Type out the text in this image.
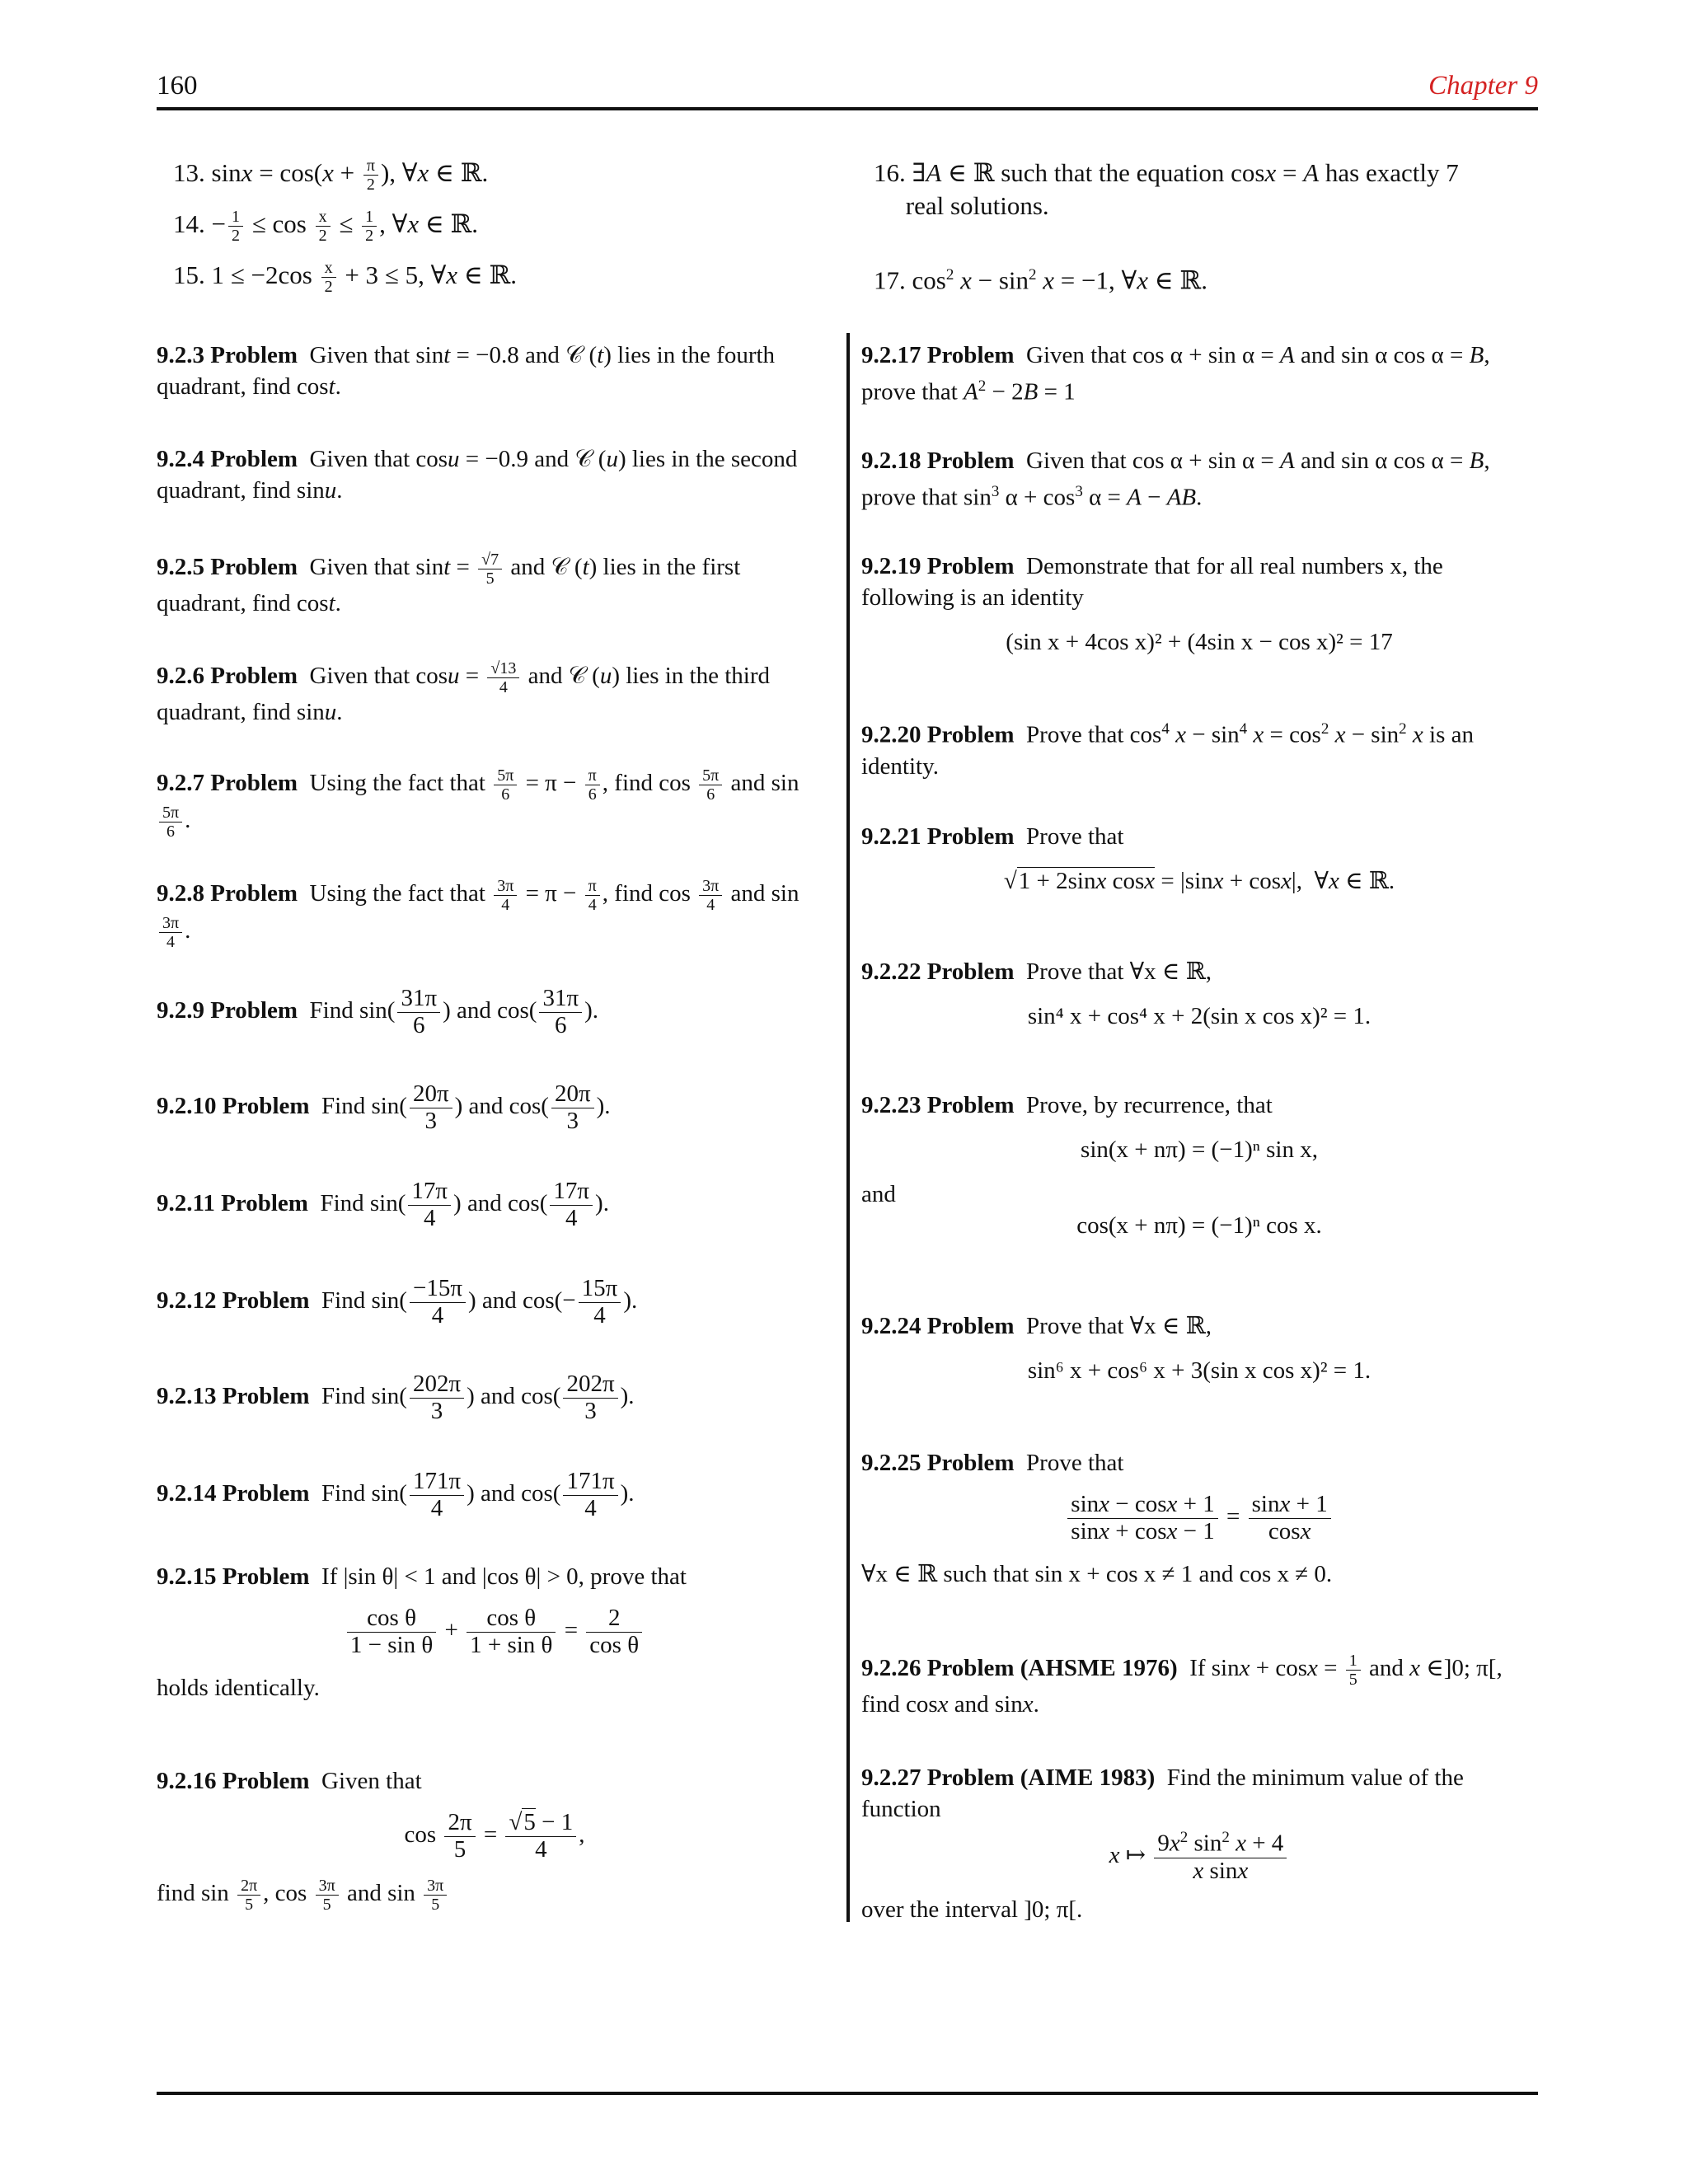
160	Chapter 9
13. $\sin x = \cos(x + \frac{\pi}{2}$ ), ∀x ∈ ℝ.
14. − $\frac{1}{2} \le \cos \frac{x}{2} \le \frac{1}{2}$ , ∀x ∈ ℝ.
15. $1 \le -2\cos \frac{x}{2} + 3 \le 5$, ∀x ∈ ℝ.
16. ∃A ∈ ℝ such that the equation cosx = A has exactly 7
real solutions.
17. $\cos^2 x - \sin^2 x = -1$, ∀x ∈ ℝ.
9.2.3 Problem  Given that sint = −0.8 and 𝒞 (t) lies in the fourth quadrant, find cost.
9.2.4 Problem  Given that cosu = −0.9 and 𝒞 (u) lies in the second quadrant, find sinu.
9.2.5 Problem  Given that $\sin t = \frac{√7}{5}$ and 𝒞 (t) lies in the first quadrant, find cost.
9.2.6 Problem  Given that $\cos u = \frac{√13}{4}$ and 𝒞 (u) lies in the third quadrant, find sinu.
9.2.7 Problem  Using the fact that $\frac{5\pi}{6} = \pi - \frac{\pi}{6}$ , find $\cos \frac{5\pi}{6}$ and sin
$\frac{5\pi}{6}$ .
9.2.8 Problem  Using the fact that $\frac{3\pi}{4} = \pi - \frac{\pi}{4}$ , find $\cos \frac{3\pi}{4}$ and sin
$\frac{3\pi}{4}$ .
9.2.9 Problem  Find $\sin( \frac{31\pi}{6}$ ) and $\cos( \frac{31\pi}{6}$ ).
9.2.10 Problem  Find $\sin( \frac{20\pi}{3}$ ) and $\cos( \frac{20\pi}{3}$ ).
9.2.11 Problem  Find $\sin( \frac{17\pi}{4}$ ) and $\cos( \frac{17\pi}{4}$ ).
9.2.12 Problem  Find $\sin( \frac{-15\pi}{4}$ ) and $\cos(- \frac{15\pi}{4}$ ).
9.2.13 Problem  Find $\sin( \frac{202\pi}{3}$ ) and $\cos( \frac{202\pi}{3}$ ).
9.2.14 Problem  Find $\sin( \frac{171\pi}{4}$ ) and $\cos( \frac{171\pi}{4}$ ).
9.2.15 Problem  If |sin θ| < 1 and |cos θ| > 0, prove that
$\frac{\text{cos θ}}{\text{1 − sin θ}} + \frac{\text{cos θ}}{\text{1 + sin θ}} = \frac{2}{\text{cos θ}}$
holds identically.
9.2.16 Problem Given that
$\cos \frac{2\pi}{5} = \frac{√5 - 1}{4}$ ,
find $\sin \frac{2\pi}{5}$ , $\cos \frac{3\pi}{5}$ and $\sin \frac{3\pi}{5}$
9.2.17 Problem  Given that cos α + sin α = A and sin α cos α = B, prove that $A^2 - 2B = 1$
9.2.18 Problem  Given that cos α + sin α = A and sin α cos α = B, prove that $\sin^3 \alpha + \cos^3 \alpha = A$ − AB.
9.2.19 Problem Demonstrate that for all real numbers x, the following is an identity
(sin x + 4cos x)² + (4sin x − cos x)² = 17
9.2.20 Problem  Prove that $\cos^4 x - \sin^4 x = \cos^2 x - \sin^2 x$ is an identity.
9.2.21 Problem Prove that
√1 + 2sinx cosx = |sinx + cosx|,  ∀x ∈ ℝ.
9.2.22 Problem Prove that ∀x ∈ ℝ,
sin⁴ x + cos⁴ x + 2(sin x cos x)² = 1.
9.2.23 Problem Prove, by recurrence, that
sin(x + nπ) = (−1)ⁿ sin x,
and
cos(x + nπ) = (−1)ⁿ cos x.
9.2.24 Problem Prove that ∀x ∈ ℝ,
sin⁶ x + cos⁶ x + 3(sin x cos x)² = 1.
9.2.25 Problem Prove that
$\frac{\sin x - \cos x + 1}{\sin x + \cos x - 1} = \frac{\sin x + 1}{\cos x}$
∀x ∈ ℝ such that sin x + cos x ≠ 1 and cos x ≠ 0.
9.2.26 Problem (AHSME 1976)  If $\sin x + \cos x = \frac{1}{5}$ and x ∈]0; π[, find cosx and sinx.
9.2.27 Problem (AIME 1983) Find the minimum value of the function
x ↦ $\frac{9x^2 \sin^2 x + 4}{\text{x sinx}}$
over the interval ]0; π[.
